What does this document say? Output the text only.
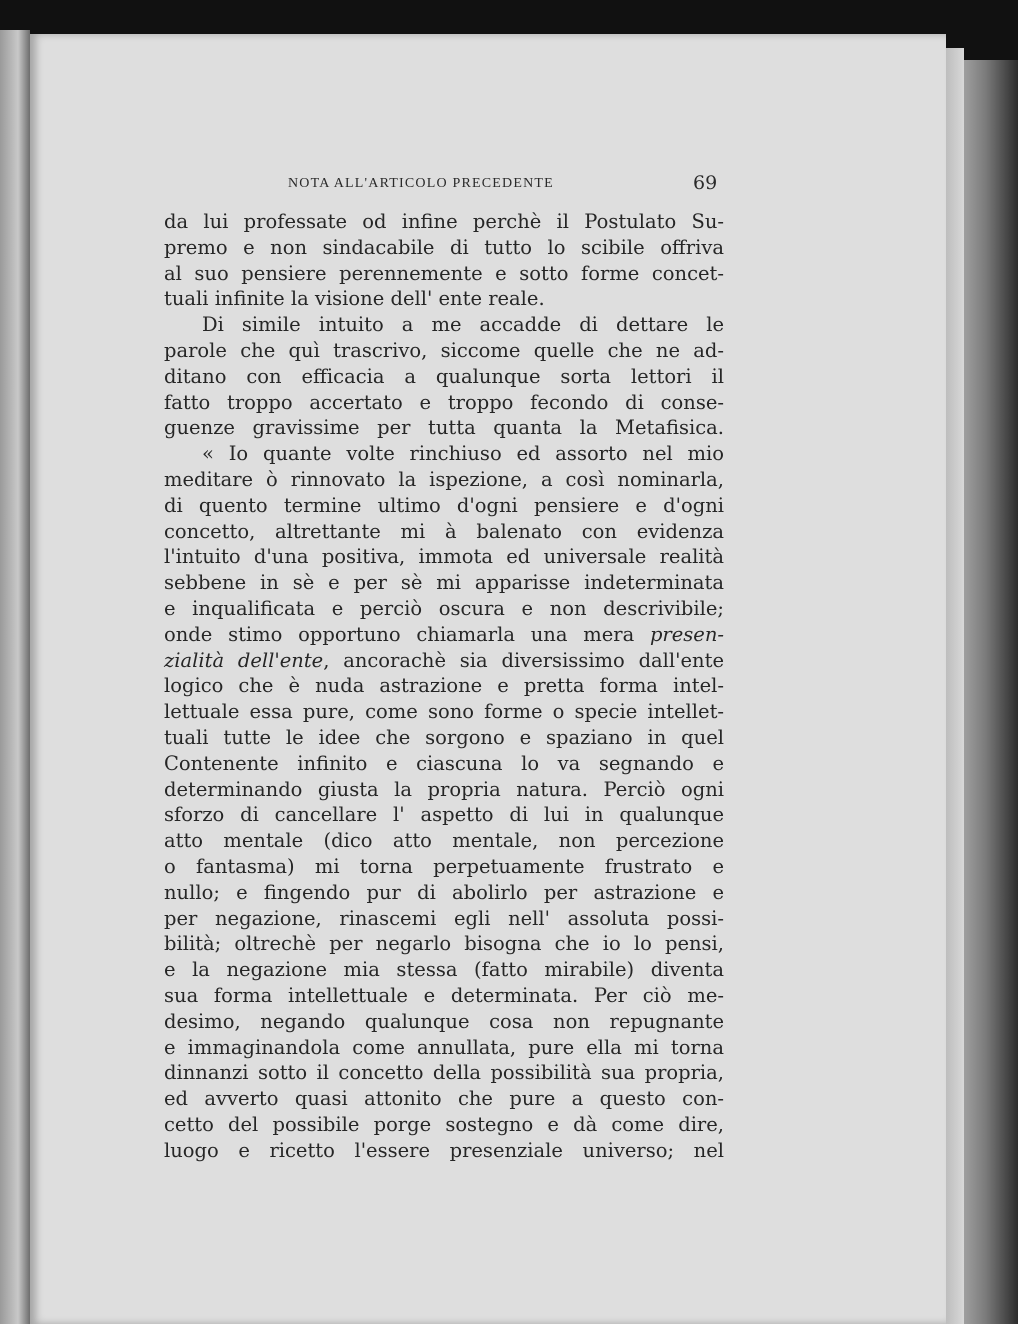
NOTA ALL'ARTICOLO PRECEDENTE	69
da lui professate od infine perchè il Postulato Su-
premo e non sindacabile di tutto lo scibile offriva
al suo pensiere perennemente e sotto forme concet-
tuali infinite la visione dell' ente reale.
Di simile intuito a me accadde di dettare le
parole che quì trascrivo, siccome quelle che ne ad-
ditano con efficacia a qualunque sorta lettori il
fatto troppo accertato e troppo fecondo di conse-
guenze gravissime per tutta quanta la Metafisica.
« Io quante volte rinchiuso ed assorto nel mio
meditare ò rinnovato la ispezione, a così nominarla,
di quento termine ultimo d'ogni pensiere e d'ogni
concetto, altrettante mi à balenato con evidenza
l'intuito d'una positiva, immota ed universale realità
sebbene in sè e per sè mi apparisse indeterminata
e inqualificata e perciò oscura e non descrivibile;
onde stimo opportuno chiamarla una mera presen-
zialità dell'ente, ancorachè sia diversissimo dall'ente
logico che è nuda astrazione e pretta forma intel-
lettuale essa pure, come sono forme o specie intellet-
tuali tutte le idee che sorgono e spaziano in quel
Contenente infinito e ciascuna lo va segnando e
determinando giusta la propria natura. Perciò ogni
sforzo di cancellare l' aspetto di lui in qualunque
atto mentale (dico atto mentale, non percezione
o fantasma) mi torna perpetuamente frustrato e
nullo; e fingendo pur di abolirlo per astrazione e
per negazione, rinascemi egli nell' assoluta possi-
bilità; oltrechè per negarlo bisogna che io lo pensi,
e la negazione mia stessa (fatto mirabile) diventa
sua forma intellettuale e determinata. Per ciò me-
desimo, negando qualunque cosa non repugnante
e immaginandola come annullata, pure ella mi torna
dinnanzi sotto il concetto della possibilità sua propria,
ed avverto quasi attonito che pure a questo con-
cetto del possibile porge sostegno e dà come dire,
luogo e ricetto l'essere presenziale universo; nel
